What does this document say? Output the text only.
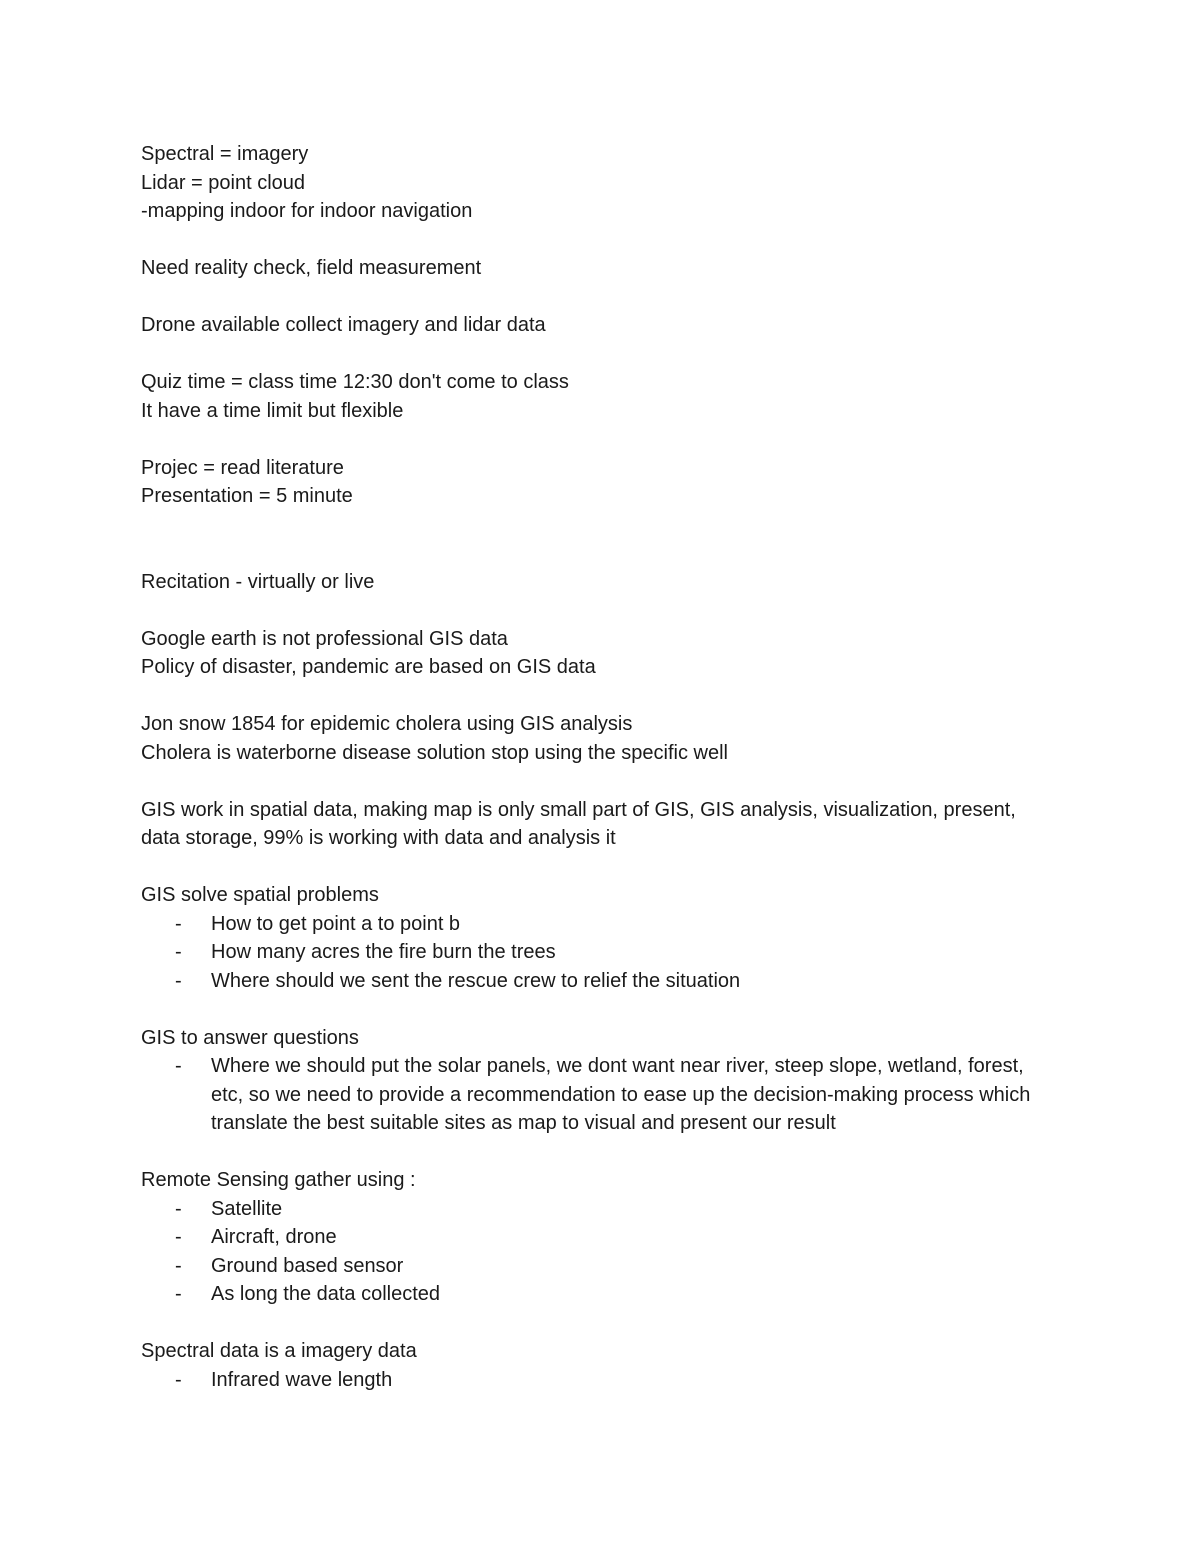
Spectral = imagery
Lidar = point cloud
-mapping indoor for indoor navigation
Need reality check, field measurement
Drone available collect imagery and lidar data
Quiz time = class time 12:30 don't come to class
It have a time limit but flexible
Projec = read literature
Presentation = 5 minute
Recitation - virtually or live
Google earth is not professional GIS data
Policy of disaster, pandemic are based on GIS data
Jon snow 1854 for epidemic cholera using GIS analysis
Cholera is waterborne disease solution stop using the specific well
GIS work in spatial data, making map is only small part of GIS, GIS analysis, visualization, present, data storage, 99% is working with data and analysis it
GIS solve spatial problems
- How to get point a to point b
- How many acres the fire burn the trees
- Where should we sent the rescue crew to relief the situation
GIS to answer questions
- Where we should put the solar panels, we dont want near river, steep slope, wetland, forest, etc, so we need to provide a recommendation to ease up the decision-making process which translate the best suitable sites as map to visual and present our result
Remote Sensing gather using :
- Satellite
- Aircraft, drone
- Ground based sensor
- As long the data collected
Spectral data is a imagery data
- Infrared wave length
